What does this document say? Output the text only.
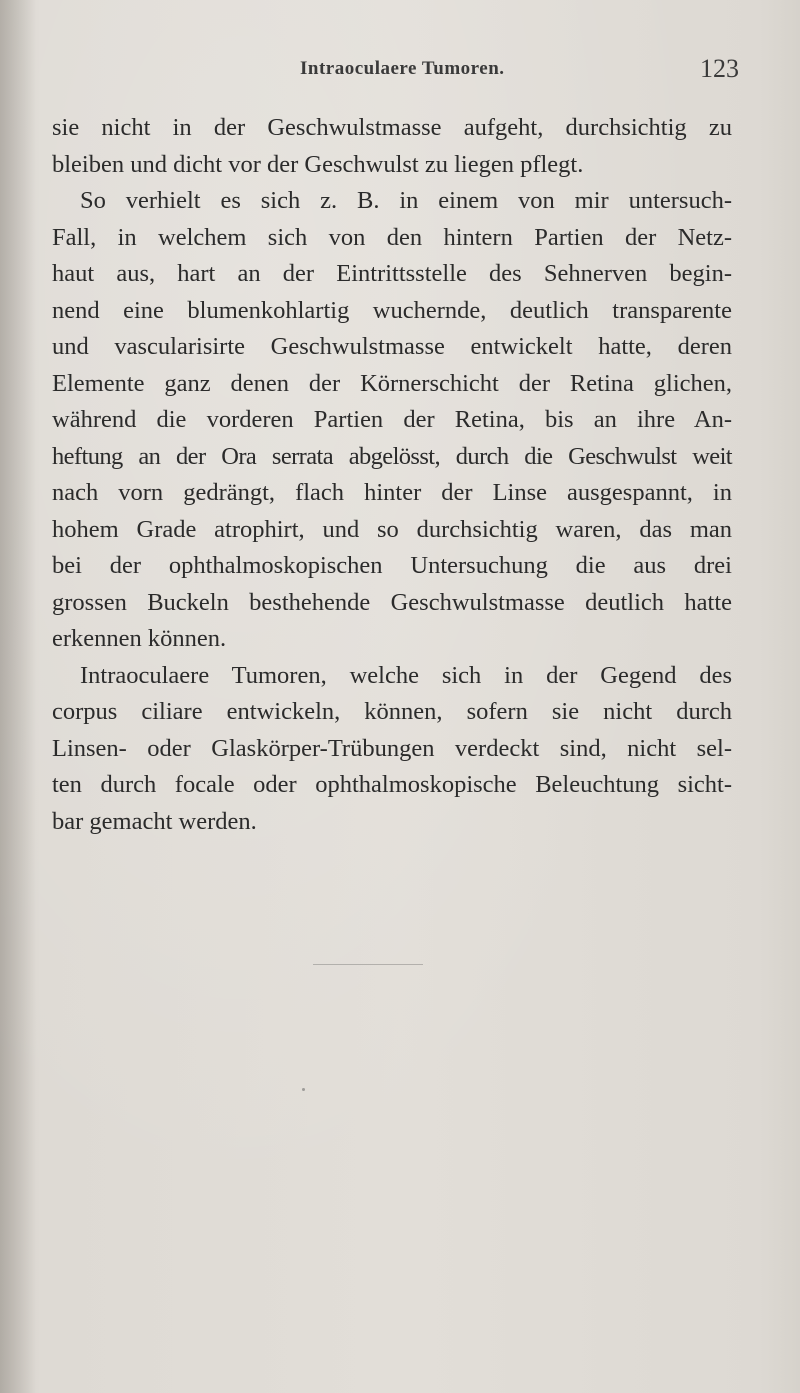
Intraoculaere Tumoren.	123
sie nicht in der Geschwulstmasse aufgeht, durchsichtig zu
bleiben und dicht vor der Geschwulst zu liegen pflegt.
So verhielt es sich z. B. in einem von mir untersuch-
Fall, in welchem sich von den hintern Partien der Netz-
haut aus, hart an der Eintrittsstelle des Sehnerven begin-
nend eine blumenkohlartig wuchernde, deutlich transparente
und vascularisirte Geschwulstmasse entwickelt hatte, deren
Elemente ganz denen der Körnerschicht der Retina glichen,
während die vorderen Partien der Retina, bis an ihre An-
heftung an der Ora serrata abgelösst, durch die Geschwulst weit
nach vorn gedrängt, flach hinter der Linse ausgespannt, in
hohem Grade atrophirt, und so durchsichtig waren, das man
bei der ophthalmoskopischen Untersuchung die aus drei
grossen Buckeln besthehende Geschwulstmasse deutlich hatte
erkennen können.
Intraoculaere Tumoren, welche sich in der Gegend des
corpus ciliare entwickeln, können, sofern sie nicht durch
Linsen- oder Glaskörper-Trübungen verdeckt sind, nicht sel-
ten durch focale oder ophthalmoskopische Beleuchtung sicht-
bar gemacht werden.
